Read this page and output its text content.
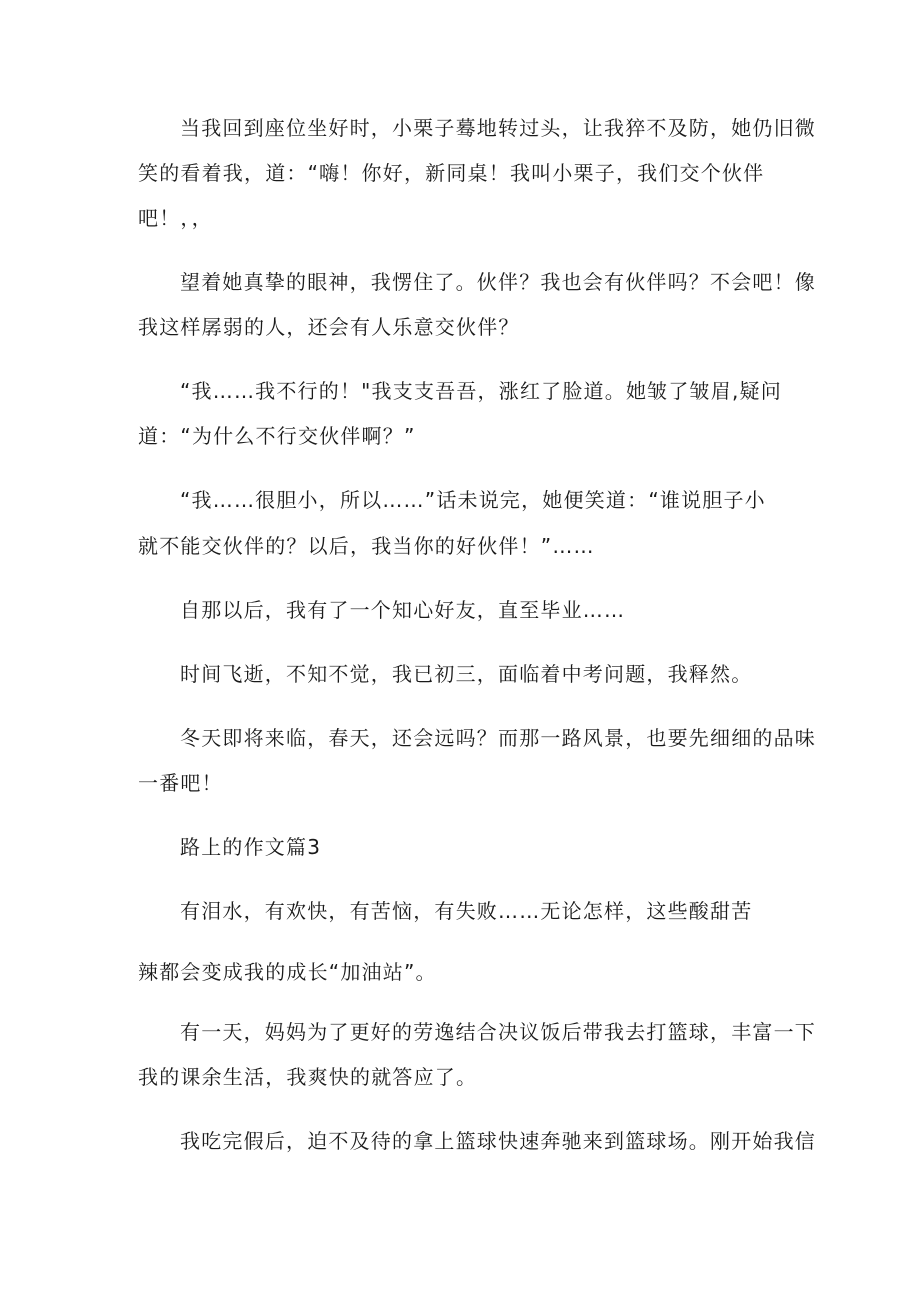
当我回到座位坐好时，小栗子蓦地转过头，让我猝不及防，她仍旧微

笑的看着我，道：“嗨！你好，新同桌！我叫小栗子，我们交个伙伴

吧！，，

望着她真挚的眼神，我愣住了。伙伴？我也会有伙伴吗？不会吧！像

我这样孱弱的人，还会有人乐意交伙伴？

“我……我不行的！"我支支吾吾，涨红了脸道。她皱了皱眉,疑问

道：“为什么不行交伙伴啊？”

“我……很胆小，所以……”话未说完，她便笑道：“谁说胆子小

就不能交伙伴的？以后，我当你的好伙伴！”……

自那以后，我有了一个知心好友，直至毕业……

时间飞逝，不知不觉，我已初三，面临着中考问题，我释然。

冬天即将来临，春天，还会远吗？而那一路风景，也要先细细的品味

一番吧！

路上的作文篇3

有泪水，有欢快，有苦恼，有失败……无论怎样，这些酸甜苦

辣都会变成我的成长“加油站”。

有一天，妈妈为了更好的劳逸结合决议饭后带我去打篮球，丰富一下

我的课余生活，我爽快的就答应了。

我吃完假后，迫不及待的拿上篮球快速奔驰来到篮球场。刚开始我信
